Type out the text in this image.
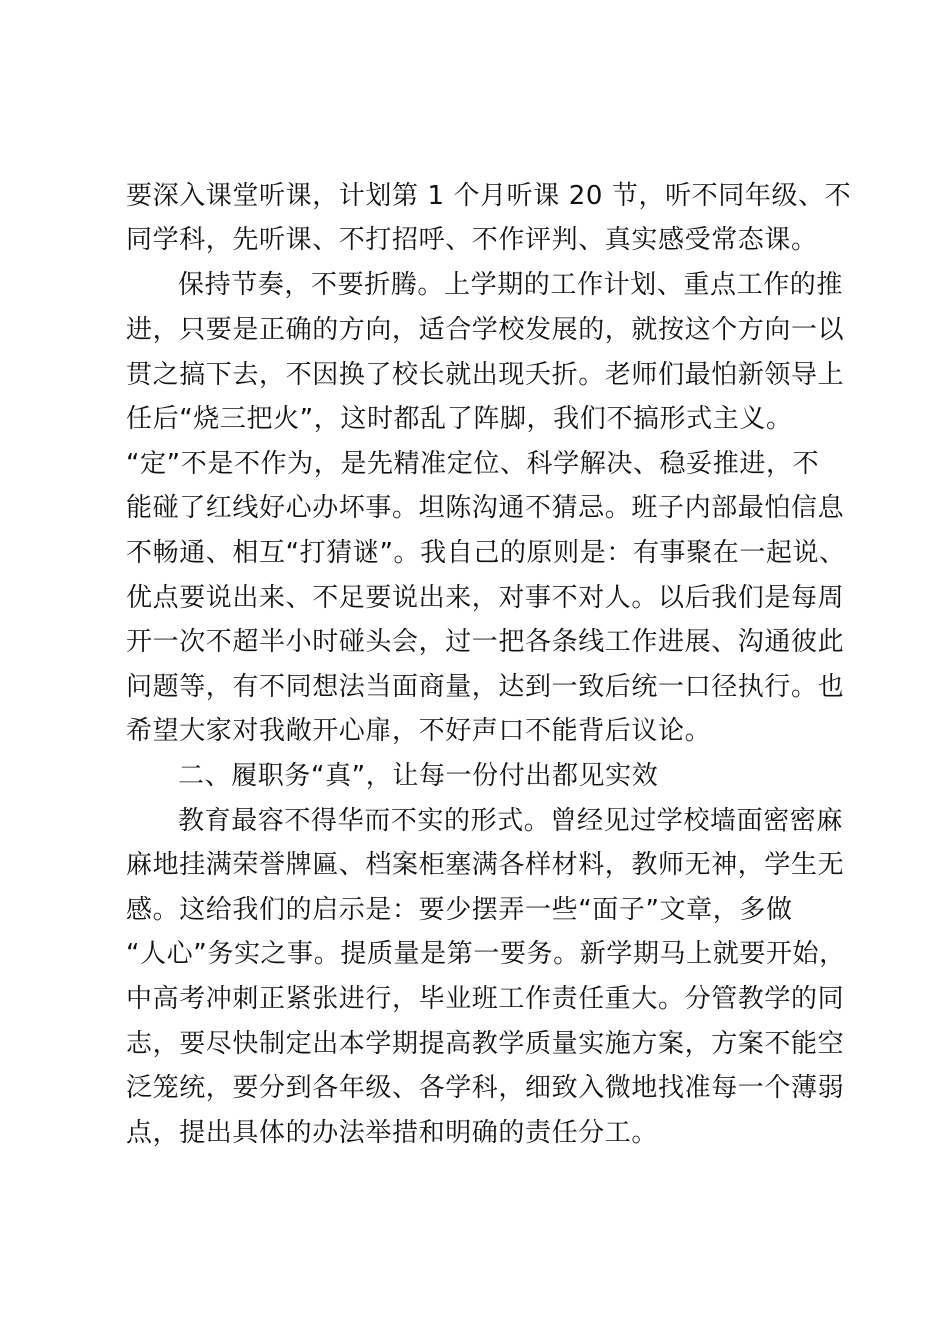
要深入课堂听课，计划第 1 个月听课 20 节，听不同年级、不
同学科，先听课、不打招呼、不作评判、真实感受常态课。
保持节奏，不要折腾。上学期的工作计划、重点工作的推
进，只要是正确的方向，适合学校发展的，就按这个方向一以
贯之搞下去，不因换了校长就出现夭折。老师们最怕新领导上
任后“烧三把火”，这时都乱了阵脚，我们不搞形式主义。
“定”不是不作为，是先精准定位、科学解决、稳妥推进，不
能碰了红线好心办坏事。坦陈沟通不猜忌。班子内部最怕信息
不畅通、相互“打猜谜”。我自己的原则是：有事聚在一起说、
优点要说出来、不足要说出来，对事不对人。以后我们是每周
开一次不超半小时碰头会，过一把各条线工作进展、沟通彼此
问题等，有不同想法当面商量，达到一致后统一口径执行。也
希望大家对我敞开心扉，不好声口不能背后议论。
二、履职务“真”，让每一份付出都见实效
教育最容不得华而不实的形式。曾经见过学校墙面密密麻
麻地挂满荣誉牌匾、档案柜塞满各样材料，教师无神，学生无
感。这给我们的启示是：要少摆弄一些“面子”文章，多做
“人心”务实之事。提质量是第一要务。新学期马上就要开始，
中高考冲刺正紧张进行，毕业班工作责任重大。分管教学的同
志，要尽快制定出本学期提高教学质量实施方案，方案不能空
泛笼统，要分到各年级、各学科，细致入微地找准每一个薄弱
点，提出具体的办法举措和明确的责任分工。
